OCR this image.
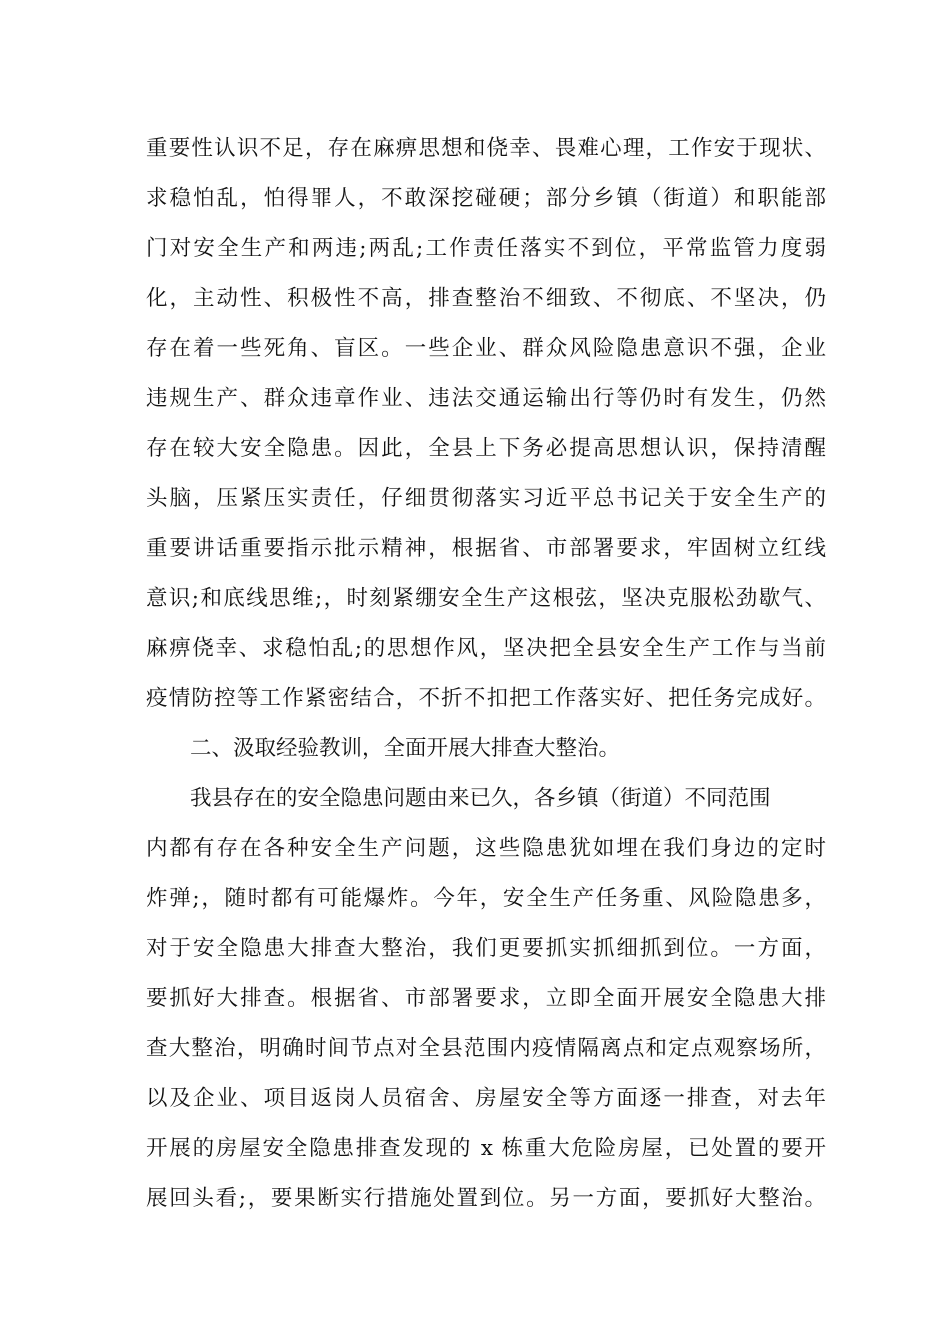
重要性认识不足，存在麻痹思想和侥幸、畏难心理，工作安于现状、
求稳怕乱，怕得罪人，不敢深挖碰硬；部分乡镇（街道）和职能部
门对安全生产和两违;两乱;工作责任落实不到位，平常监管力度弱
化，主动性、积极性不高，排查整治不细致、不彻底、不坚决，仍
存在着一些死角、盲区。一些企业、群众风险隐患意识不强，企业
违规生产、群众违章作业、违法交通运输出行等仍时有发生，仍然
存在较大安全隐患。因此，全县上下务必提高思想认识，保持清醒
头脑，压紧压实责任，仔细贯彻落实习近平总书记关于安全生产的
重要讲话重要指示批示精神，根据省、市部署要求，牢固树立红线
意识;和底线思维;，时刻紧绷安全生产这根弦，坚决克服松劲歇气、
麻痹侥幸、求稳怕乱;的思想作风，坚决把全县安全生产工作与当前
疫情防控等工作紧密结合，不折不扣把工作落实好、把任务完成好。
二、汲取经验教训，全面开展大排查大整治。
我县存在的安全隐患问题由来已久，各乡镇（街道）不同范围
内都有存在各种安全生产问题，这些隐患犹如埋在我们身边的定时
炸弹;，随时都有可能爆炸。今年，安全生产任务重、风险隐患多，
对于安全隐患大排查大整治，我们更要抓实抓细抓到位。一方面，
要抓好大排查。根据省、市部署要求，立即全面开展安全隐患大排
查大整治，明确时间节点对全县范围内疫情隔离点和定点观察场所，
以及企业、项目返岗人员宿舍、房屋安全等方面逐一排查，对去年
开展的房屋安全隐患排查发现的 x 栋重大危险房屋，已处置的要开
展回头看;，要果断实行措施处置到位。另一方面，要抓好大整治。
